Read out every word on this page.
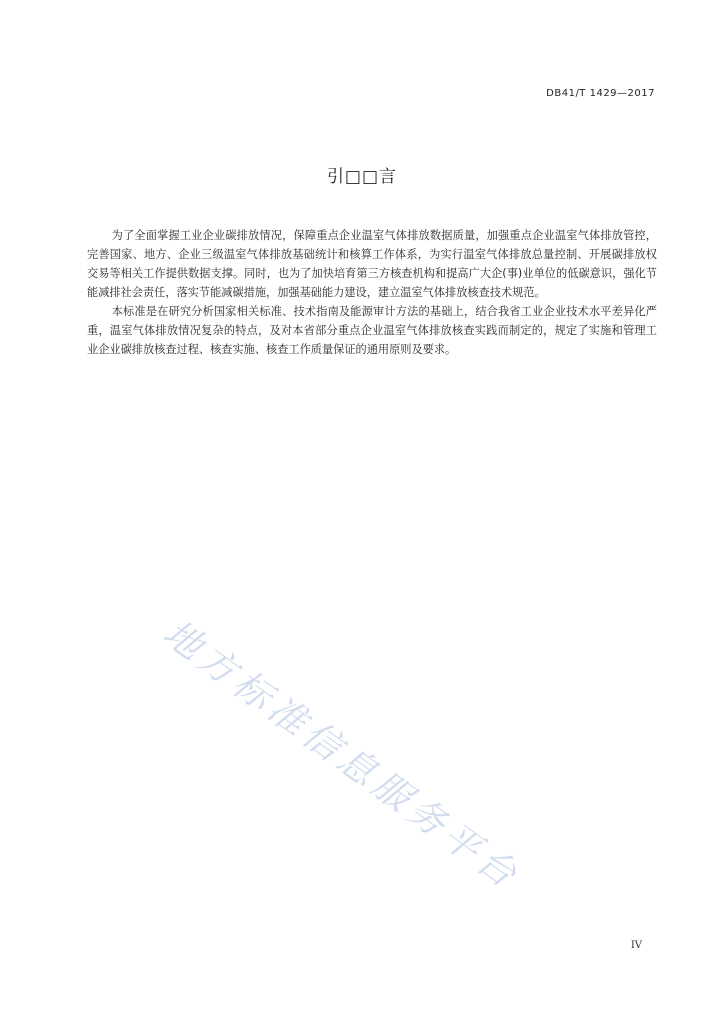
DB41/T 1429—2017
引□□言

为了全面掌握工业企业碳排放情况，保障重点企业温室气体排放数据质量，加强重点企业温室气体排放管控，完善国家、地方、企业三级温室气体排放基础统计和核算工作体系，为实行温室气体排放总量控制、开展碳排放权交易等相关工作提供数据支撑。同时，也为了加快培育第三方核查机构和提高广大企(事)业单位的低碳意识，强化节能减排社会责任，落实节能减碳措施，加强基础能力建设，建立温室气体排放核查技术规范。

本标准是在研究分析国家相关标准、技术指南及能源审计方法的基础上，结合我省工业企业技术水平差异化严重，温室气体排放情况复杂的特点，及对本省部分重点企业温室气体排放核查实践而制定的，规定了实施和管理工业企业碳排放核查过程、核查实施、核查工作质量保证的通用原则及要求。

地方标准信息服务平台
IV
